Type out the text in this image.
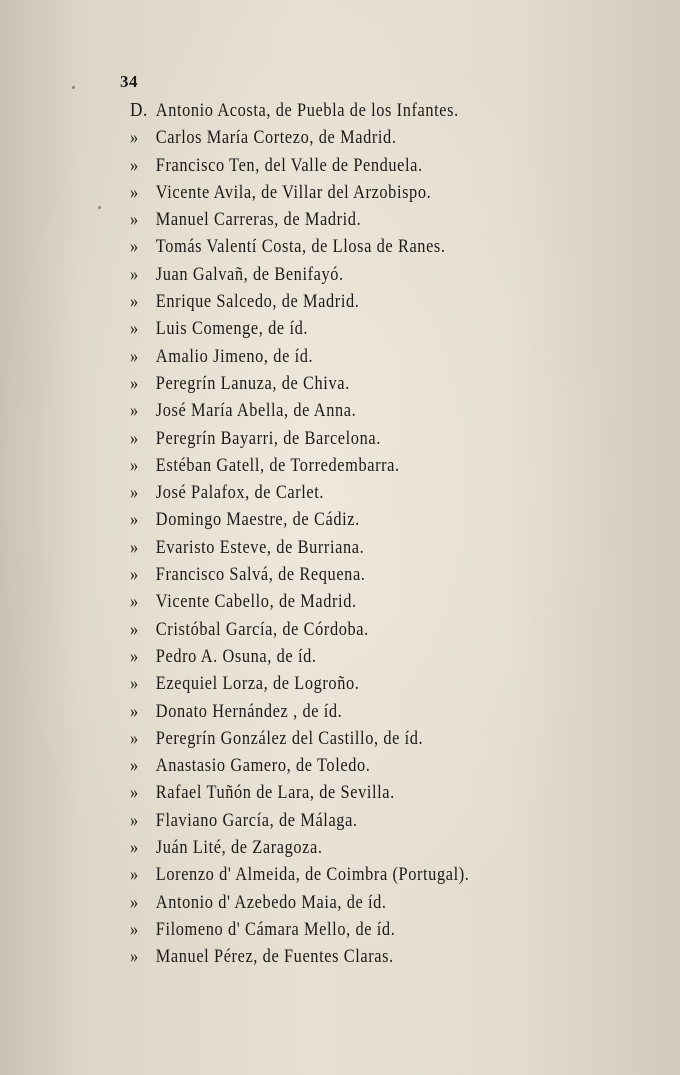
34
D. Antonio Acosta, de Puebla de los Infantes.
» Carlos María Cortezo, de Madrid.
» Francisco Ten, del Valle de Penduela.
» Vicente Avila, de Villar del Arzobispo.
» Manuel Carreras, de Madrid.
» Tomás Valentí Costa, de Llosa de Ranes.
» Juan Galvañ, de Benifayó.
» Enrique Salcedo, de Madrid.
» Luis Comenge, de íd.
» Amalio Jimeno, de íd.
» Peregrín Lanuza, de Chiva.
» José María Abella, de Anna.
» Peregrín Bayarri, de Barcelona.
» Estéban Gatell, de Torredembarra.
» José Palafox, de Carlet.
» Domingo Maestre, de Cádiz.
» Evaristo Esteve, de Burriana.
» Francisco Salvá, de Requena.
» Vicente Cabello, de Madrid.
» Cristóbal García, de Córdoba.
» Pedro A. Osuna, de íd.
» Ezequiel Lorza, de Logroño.
» Donato Hernández , de íd.
» Peregrín González del Castillo, de íd.
» Anastasio Gamero, de Toledo.
» Rafael Tuñón de Lara, de Sevilla.
» Flaviano García, de Málaga.
» Juán Lité, de Zaragoza.
» Lorenzo d' Almeida, de Coimbra (Portugal).
» Antonio d' Azebedo Maia, de íd.
» Filomeno d' Cámara Mello, de íd.
» Manuel Pérez, de Fuentes Claras.
